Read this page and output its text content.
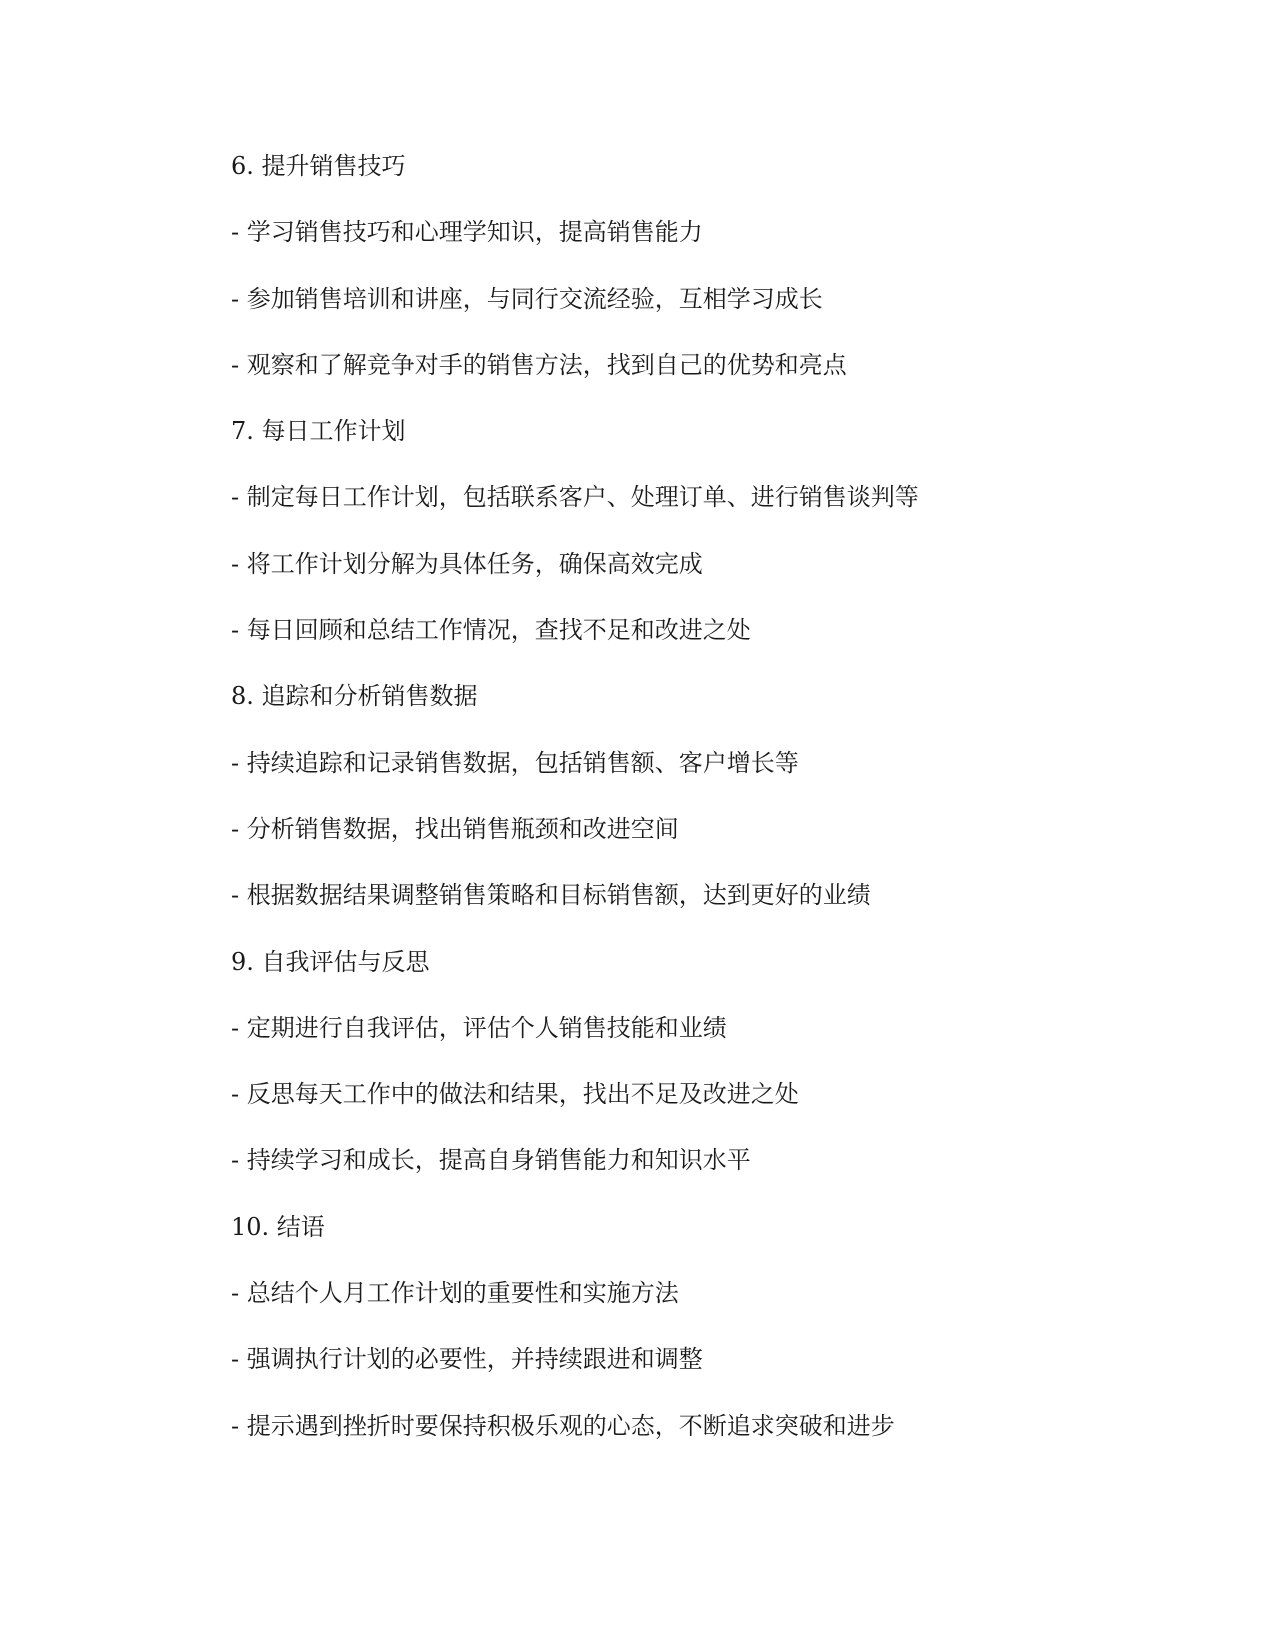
6. 提升销售技巧
- 学习销售技巧和心理学知识，提高销售能力
- 参加销售培训和讲座，与同行交流经验，互相学习成长
- 观察和了解竞争对手的销售方法，找到自己的优势和亮点
7. 每日工作计划
- 制定每日工作计划，包括联系客户、处理订单、进行销售谈判等
- 将工作计划分解为具体任务，确保高效完成
- 每日回顾和总结工作情况，查找不足和改进之处
8. 追踪和分析销售数据
- 持续追踪和记录销售数据，包括销售额、客户增长等
- 分析销售数据，找出销售瓶颈和改进空间
- 根据数据结果调整销售策略和目标销售额，达到更好的业绩
9. 自我评估与反思
- 定期进行自我评估，评估个人销售技能和业绩
- 反思每天工作中的做法和结果，找出不足及改进之处
- 持续学习和成长，提高自身销售能力和知识水平
10. 结语
- 总结个人月工作计划的重要性和实施方法
- 强调执行计划的必要性，并持续跟进和调整
- 提示遇到挫折时要保持积极乐观的心态，不断追求突破和进步
